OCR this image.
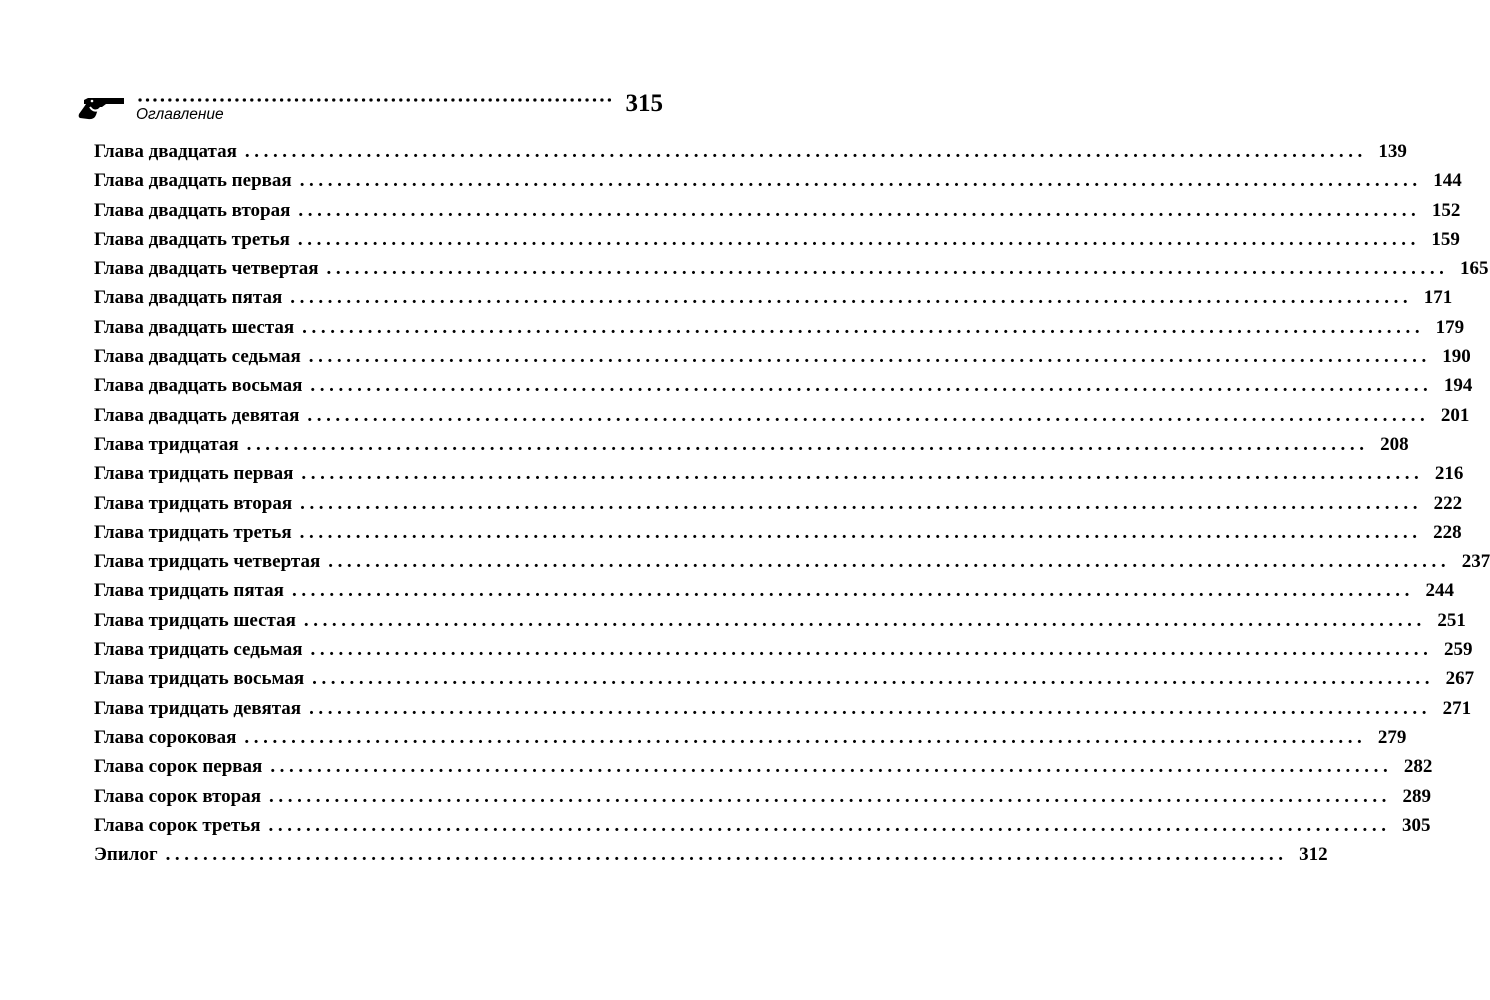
Оглавление	315
Глава двадцатая ........................................................................................................................ 139
Глава двадцать первая ........................................................................................................................ 144
Глава двадцать вторая ........................................................................................................................ 152
Глава двадцать третья ........................................................................................................................ 159
Глава двадцать четвертая ........................................................................................................................ 165
Глава двадцать пятая ........................................................................................................................ 171
Глава двадцать шестая ........................................................................................................................ 179
Глава двадцать седьмая ........................................................................................................................ 190
Глава двадцать восьмая ........................................................................................................................ 194
Глава двадцать девятая ........................................................................................................................ 201
Глава тридцатая ........................................................................................................................ 208
Глава тридцать первая ........................................................................................................................ 216
Глава тридцать вторая ........................................................................................................................ 222
Глава тридцать третья ........................................................................................................................ 228
Глава тридцать четвертая ........................................................................................................................ 237
Глава тридцать пятая ........................................................................................................................ 244
Глава тридцать шестая ........................................................................................................................ 251
Глава тридцать седьмая ........................................................................................................................ 259
Глава тридцать восьмая ........................................................................................................................ 267
Глава тридцать девятая ........................................................................................................................ 271
Глава сороковая ........................................................................................................................ 279
Глава сорок первая ........................................................................................................................ 282
Глава сорок вторая ........................................................................................................................ 289
Глава сорок третья ........................................................................................................................ 305
Эпилог ........................................................................................................................ 312
